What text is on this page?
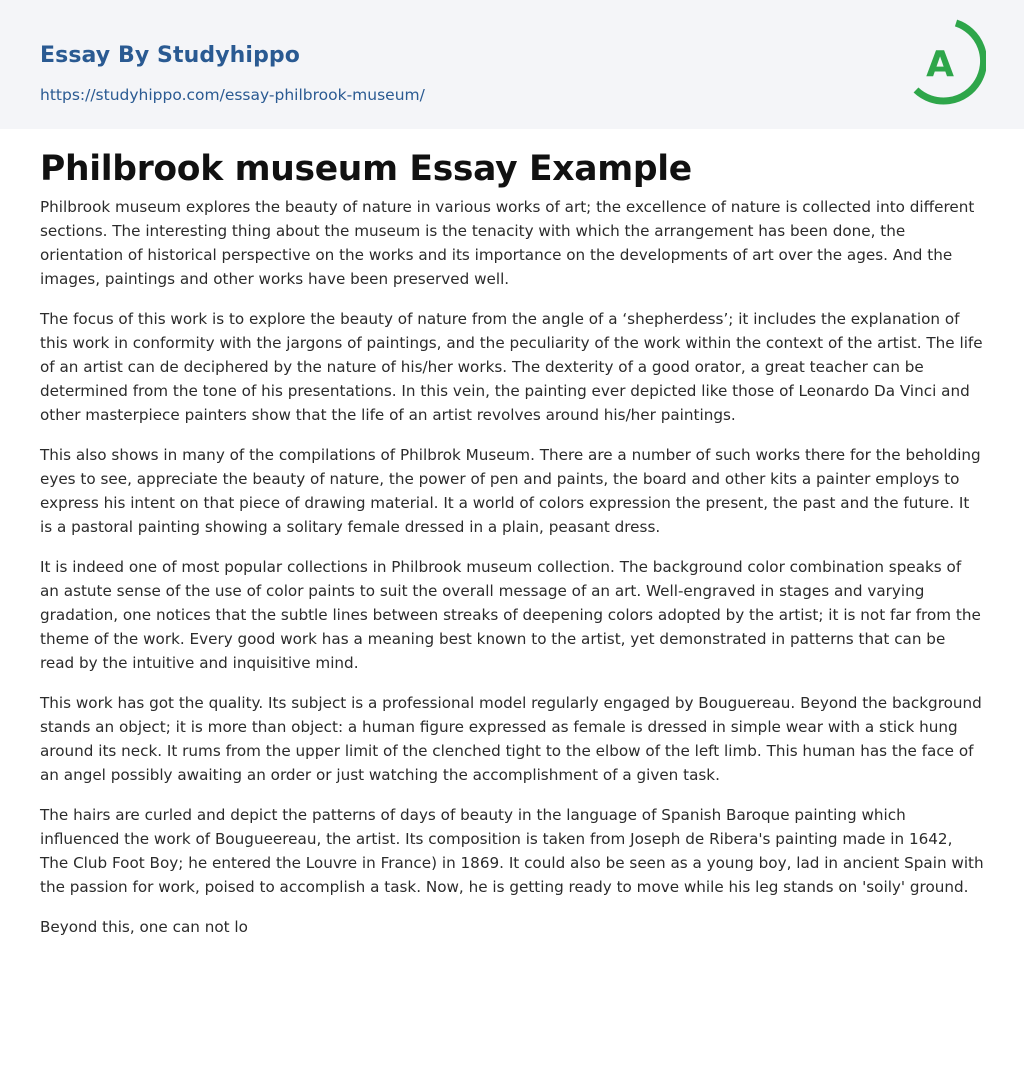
Essay By Studyhippo
https://studyhippo.com/essay-philbrook-museum/
A
Philbrook museum Essay Example

Philbrook museum explores the beauty of nature in various works of art; the excellence of nature is collected into different sections. The interesting thing about the museum is the tenacity with which the arrangement has been done, the orientation of historical perspective on the works and its importance on the developments of art over the ages. And the images, paintings and other works have been preserved well.

The focus of this work is to explore the beauty of nature from the angle of a ‘shepherdess’; it includes the explanation of this work in conformity with the jargons of paintings, and the peculiarity of the work within the context of the artist. The life of an artist can de deciphered by the nature of his/her works. The dexterity of a good orator, a great teacher can be determined from the tone of his presentations. In this vein, the painting ever depicted like those of Leonardo Da Vinci and other masterpiece painters show that the life of an artist revolves around his/her paintings.

This also shows in many of the compilations of Philbrok Museum. There are a number of such works there for the beholding eyes to see, appreciate the beauty of nature, the power of pen and paints, the board and other kits a painter employs to express his intent on that piece of drawing material. It a world of colors expression the present, the past and the future. It is a pastoral painting showing a solitary female dressed in a plain, peasant dress.

It is indeed one of most popular collections in Philbrook museum collection. The background color combination speaks of an astute sense of the use of color paints to suit the overall message of an art. Well-engraved in stages and varying gradation, one notices that the subtle lines between streaks of deepening colors adopted by the artist; it is not far from the theme of the work. Every good work has a meaning best known to the artist, yet demonstrated in patterns that can be read by the intuitive and inquisitive mind.

This work has got the quality. Its subject is a professional model regularly engaged by Bouguereau. Beyond the background stands an object; it is more than object: a human figure expressed as female is dressed in simple wear with a stick hung around its neck. It rums from the upper limit of the clenched tight to the elbow of the left limb. This human has the face of an angel possibly awaiting an order or just watching the accomplishment of a given task.

The hairs are curled and depict the patterns of days of beauty in the language of Spanish Baroque painting which influenced the work of Bougueereau, the artist. Its composition is taken from Joseph de Ribera's painting made in 1642, The Club Foot Boy; he entered the Louvre in France) in 1869. It could also be seen as a young boy, lad in ancient Spain with the passion for work, poised to accomplish a task. Now, he is getting ready to move while his leg stands on 'soily' ground.

Beyond this, one can not lo
